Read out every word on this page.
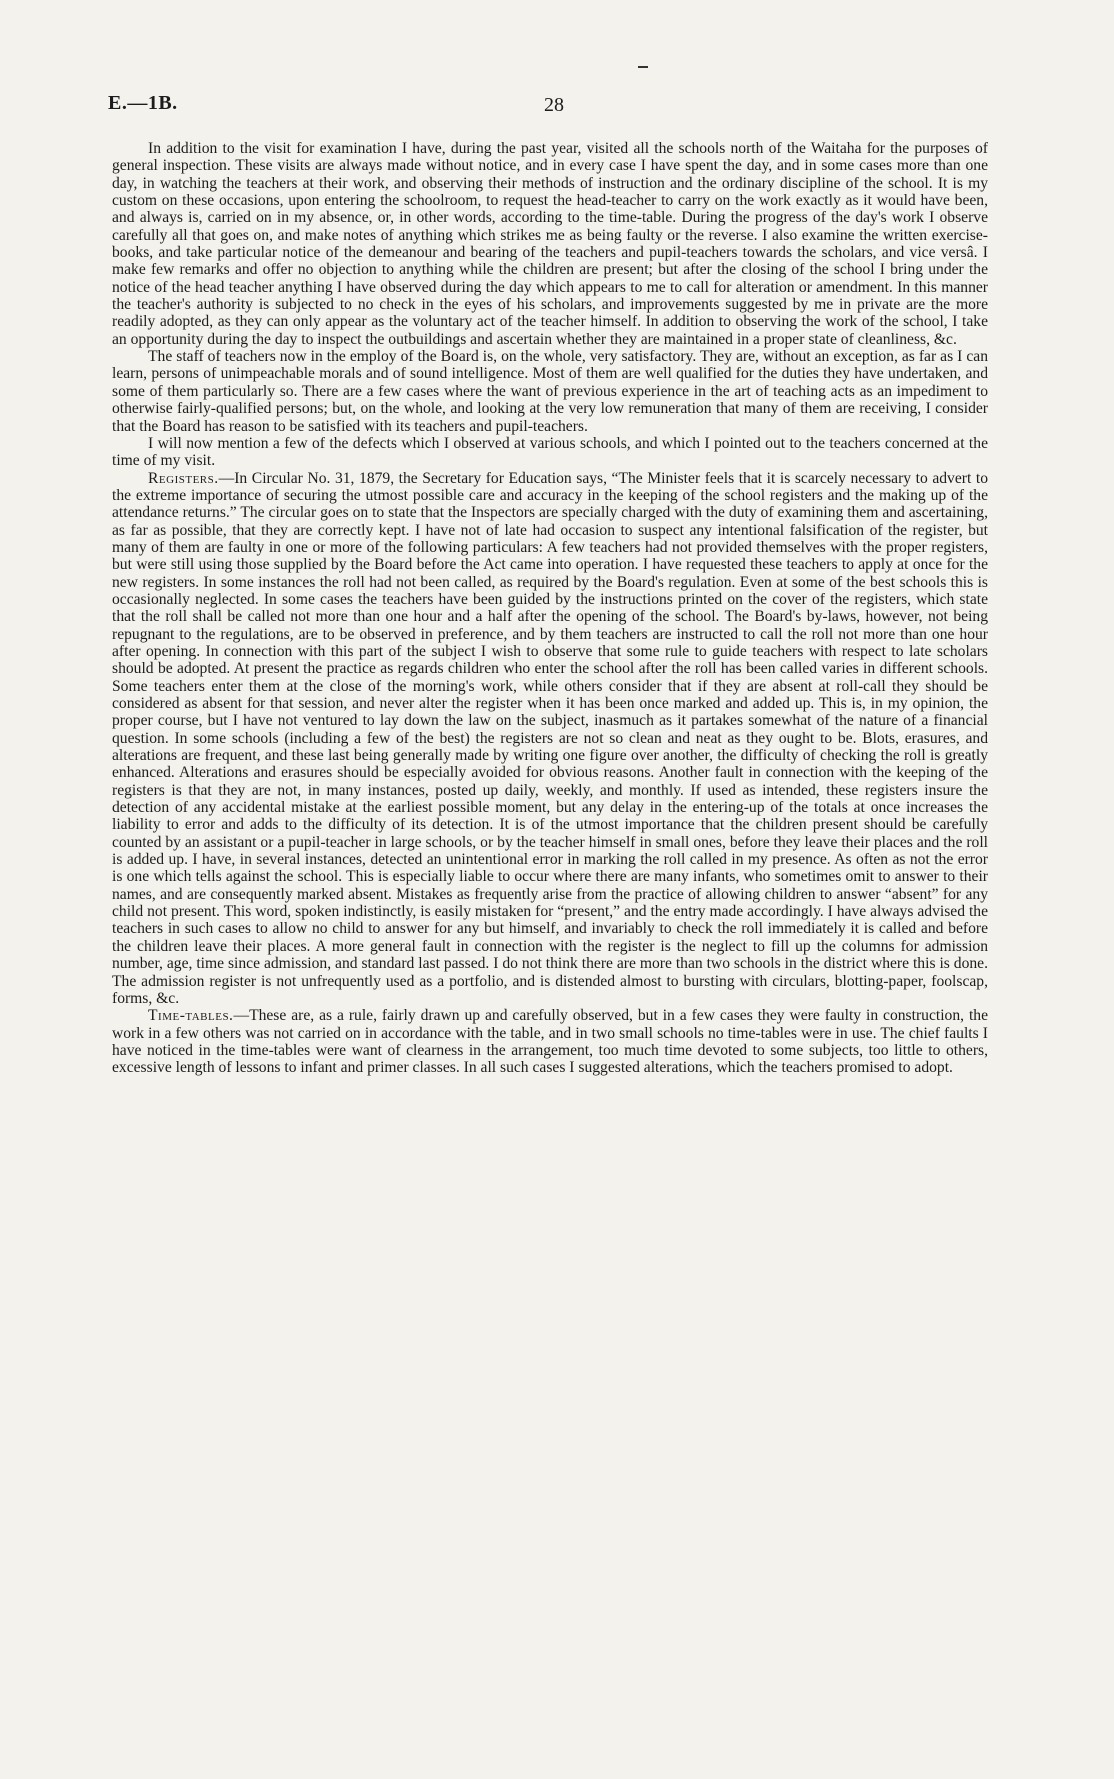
E.—1B.	28

In addition to the visit for examination I have, during the past year, visited all the schools north of the Waitaha for the purposes of general inspection. These visits are always made without notice, and in every case I have spent the day, and in some cases more than one day, in watching the teachers at their work, and observing their methods of instruction and the ordinary discipline of the school. It is my custom on these occasions, upon entering the schoolroom, to request the head-teacher to carry on the work exactly as it would have been, and always is, carried on in my absence, or, in other words, according to the time-table. During the progress of the day's work I observe carefully all that goes on, and make notes of anything which strikes me as being faulty or the reverse. I also examine the written exercise-books, and take particular notice of the demeanour and bearing of the teachers and pupil-teachers towards the scholars, and vice versâ. I make few remarks and offer no objection to anything while the children are present; but after the closing of the school I bring under the notice of the head teacher anything I have observed during the day which appears to me to call for alteration or amendment. In this manner the teacher's authority is subjected to no check in the eyes of his scholars, and improvements suggested by me in private are the more readily adopted, as they can only appear as the voluntary act of the teacher himself. In addition to observing the work of the school, I take an opportunity during the day to inspect the outbuildings and ascertain whether they are maintained in a proper state of cleanliness, &c.

The staff of teachers now in the employ of the Board is, on the whole, very satisfactory. They are, without an exception, as far as I can learn, persons of unimpeachable morals and of sound intelligence. Most of them are well qualified for the duties they have undertaken, and some of them particularly so. There are a few cases where the want of previous experience in the art of teaching acts as an impediment to otherwise fairly-qualified persons; but, on the whole, and looking at the very low remuneration that many of them are receiving, I consider that the Board has reason to be satisfied with its teachers and pupil-teachers.

I will now mention a few of the defects which I observed at various schools, and which I pointed out to the teachers concerned at the time of my visit.

Registers.—In Circular No. 31, 1879, the Secretary for Education says, “The Minister feels that it is scarcely necessary to advert to the extreme importance of securing the utmost possible care and accuracy in the keeping of the school registers and the making up of the attendance returns.” The circular goes on to state that the Inspectors are specially charged with the duty of examining them and ascertaining, as far as possible, that they are correctly kept. I have not of late had occasion to suspect any intentional falsification of the register, but many of them are faulty in one or more of the following particulars: A few teachers had not provided themselves with the proper registers, but were still using those supplied by the Board before the Act came into operation. I have requested these teachers to apply at once for the new registers. In some instances the roll had not been called, as required by the Board's regulation. Even at some of the best schools this is occasionally neglected. In some cases the teachers have been guided by the instructions printed on the cover of the registers, which state that the roll shall be called not more than one hour and a half after the opening of the school. The Board's by-laws, however, not being repugnant to the regulations, are to be observed in preference, and by them teachers are instructed to call the roll not more than one hour after opening. In connection with this part of the subject I wish to observe that some rule to guide teachers with respect to late scholars should be adopted. At present the practice as regards children who enter the school after the roll has been called varies in different schools. Some teachers enter them at the close of the morning's work, while others consider that if they are absent at roll-call they should be considered as absent for that session, and never alter the register when it has been once marked and added up. This is, in my opinion, the proper course, but I have not ventured to lay down the law on the subject, inasmuch as it partakes somewhat of the nature of a financial question. In some schools (including a few of the best) the registers are not so clean and neat as they ought to be. Blots, erasures, and alterations are frequent, and these last being generally made by writing one figure over another, the difficulty of checking the roll is greatly enhanced. Alterations and erasures should be especially avoided for obvious reasons. Another fault in connection with the keeping of the registers is that they are not, in many instances, posted up daily, weekly, and monthly. If used as intended, these registers insure the detection of any accidental mistake at the earliest possible moment, but any delay in the entering-up of the totals at once increases the liability to error and adds to the difficulty of its detection. It is of the utmost importance that the children present should be carefully counted by an assistant or a pupil-teacher in large schools, or by the teacher himself in small ones, before they leave their places and the roll is added up. I have, in several instances, detected an unintentional error in marking the roll called in my presence. As often as not the error is one which tells against the school. This is especially liable to occur where there are many infants, who sometimes omit to answer to their names, and are consequently marked absent. Mistakes as frequently arise from the practice of allowing children to answer “absent” for any child not present. This word, spoken indistinctly, is easily mistaken for “present,” and the entry made accordingly. I have always advised the teachers in such cases to allow no child to answer for any but himself, and invariably to check the roll immediately it is called and before the children leave their places. A more general fault in connection with the register is the neglect to fill up the columns for admission number, age, time since admission, and standard last passed. I do not think there are more than two schools in the district where this is done. The admission register is not unfrequently used as a portfolio, and is distended almost to bursting with circulars, blotting-paper, foolscap, forms, &c.

Time-tables.—These are, as a rule, fairly drawn up and carefully observed, but in a few cases they were faulty in construction, the work in a few others was not carried on in accordance with the table, and in two small schools no time-tables were in use. The chief faults I have noticed in the time-tables were want of clearness in the arrangement, too much time devoted to some subjects, too little to others, excessive length of lessons to infant and primer classes. In all such cases I suggested alterations, which the teachers promised to adopt.
